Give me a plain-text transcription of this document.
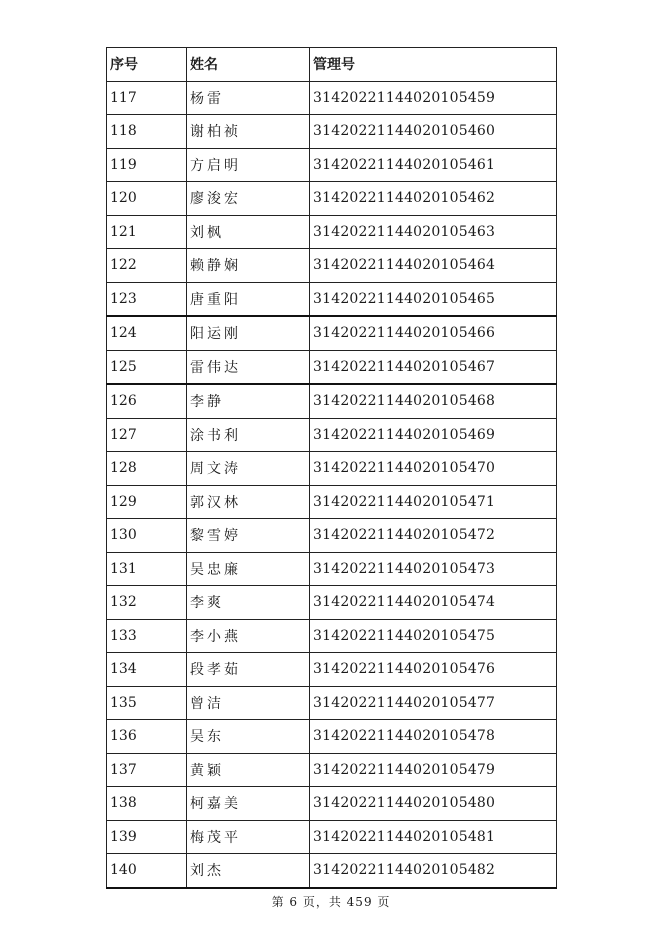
序号	姓名	管理号
117	杨雷	31420221144020105459
118	谢柏祯	31420221144020105460
119	方启明	31420221144020105461
120	廖浚宏	31420221144020105462
121	刘枫	31420221144020105463
122	赖静娴	31420221144020105464
123	唐重阳	31420221144020105465
124	阳运刚	31420221144020105466
125	雷伟达	31420221144020105467
126	李静	31420221144020105468
127	涂书利	31420221144020105469
128	周文涛	31420221144020105470
129	郭汉林	31420221144020105471
130	黎雪婷	31420221144020105472
131	吴忠廉	31420221144020105473
132	李爽	31420221144020105474
133	李小燕	31420221144020105475
134	段孝茹	31420221144020105476
135	曾洁	31420221144020105477
136	吴东	31420221144020105478
137	黄颖	31420221144020105479
138	柯嘉美	31420221144020105480
139	梅茂平	31420221144020105481
140	刘杰	31420221144020105482
第 6 页，共 459 页
